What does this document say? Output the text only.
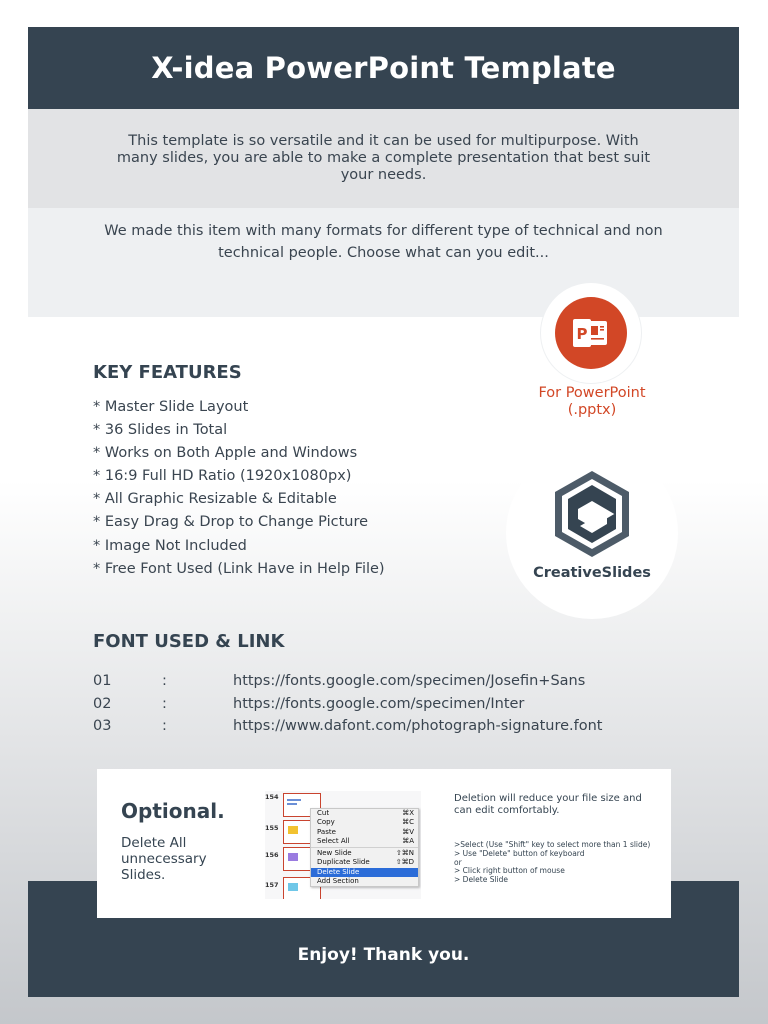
X-idea PowerPoint Template

This template is so versatile and it can be used for multipurpose. With many slides, you are able to make a complete presentation that best suit your needs.

We made this item with many formats for different type of technical and non technical people. Choose what can you edit...

P
For PowerPoint
(.pptx)
CreativeSlides
KEY FEATURES
* Master Slide Layout
* 36 Slides in Total
* Works on Both Apple and Windows
* 16:9 Full HD Ratio (1920x1080px)
* All Graphic Resizable & Editable
* Easy Drag & Drop to Change Picture
* Image Not Included
* Free Font Used (Link Have in Help File)
FONT USED & LINK
01	:	https://fonts.google.com/specimen/Josefin+Sans
02	:	https://fonts.google.com/specimen/Inter
03	:	https://www.dafont.com/photograph-signature.font
Enjoy! Thank you.
Optional.
Delete All unnecessary Slides.
154
155
156
157
Cut	⌘X
Copy	⌘C
Paste	⌘V
Select All	⌘A
New Slide	⇧⌘N
Duplicate Slide	⇧⌘D
Delete Slide
Add Section
Deletion will reduce your file size and can edit comfortably.
>Select (Use "Shift" key to select more than 1 slide)
> Use "Delete" button of keyboard
or
> Click right button of mouse
> Delete Slide
